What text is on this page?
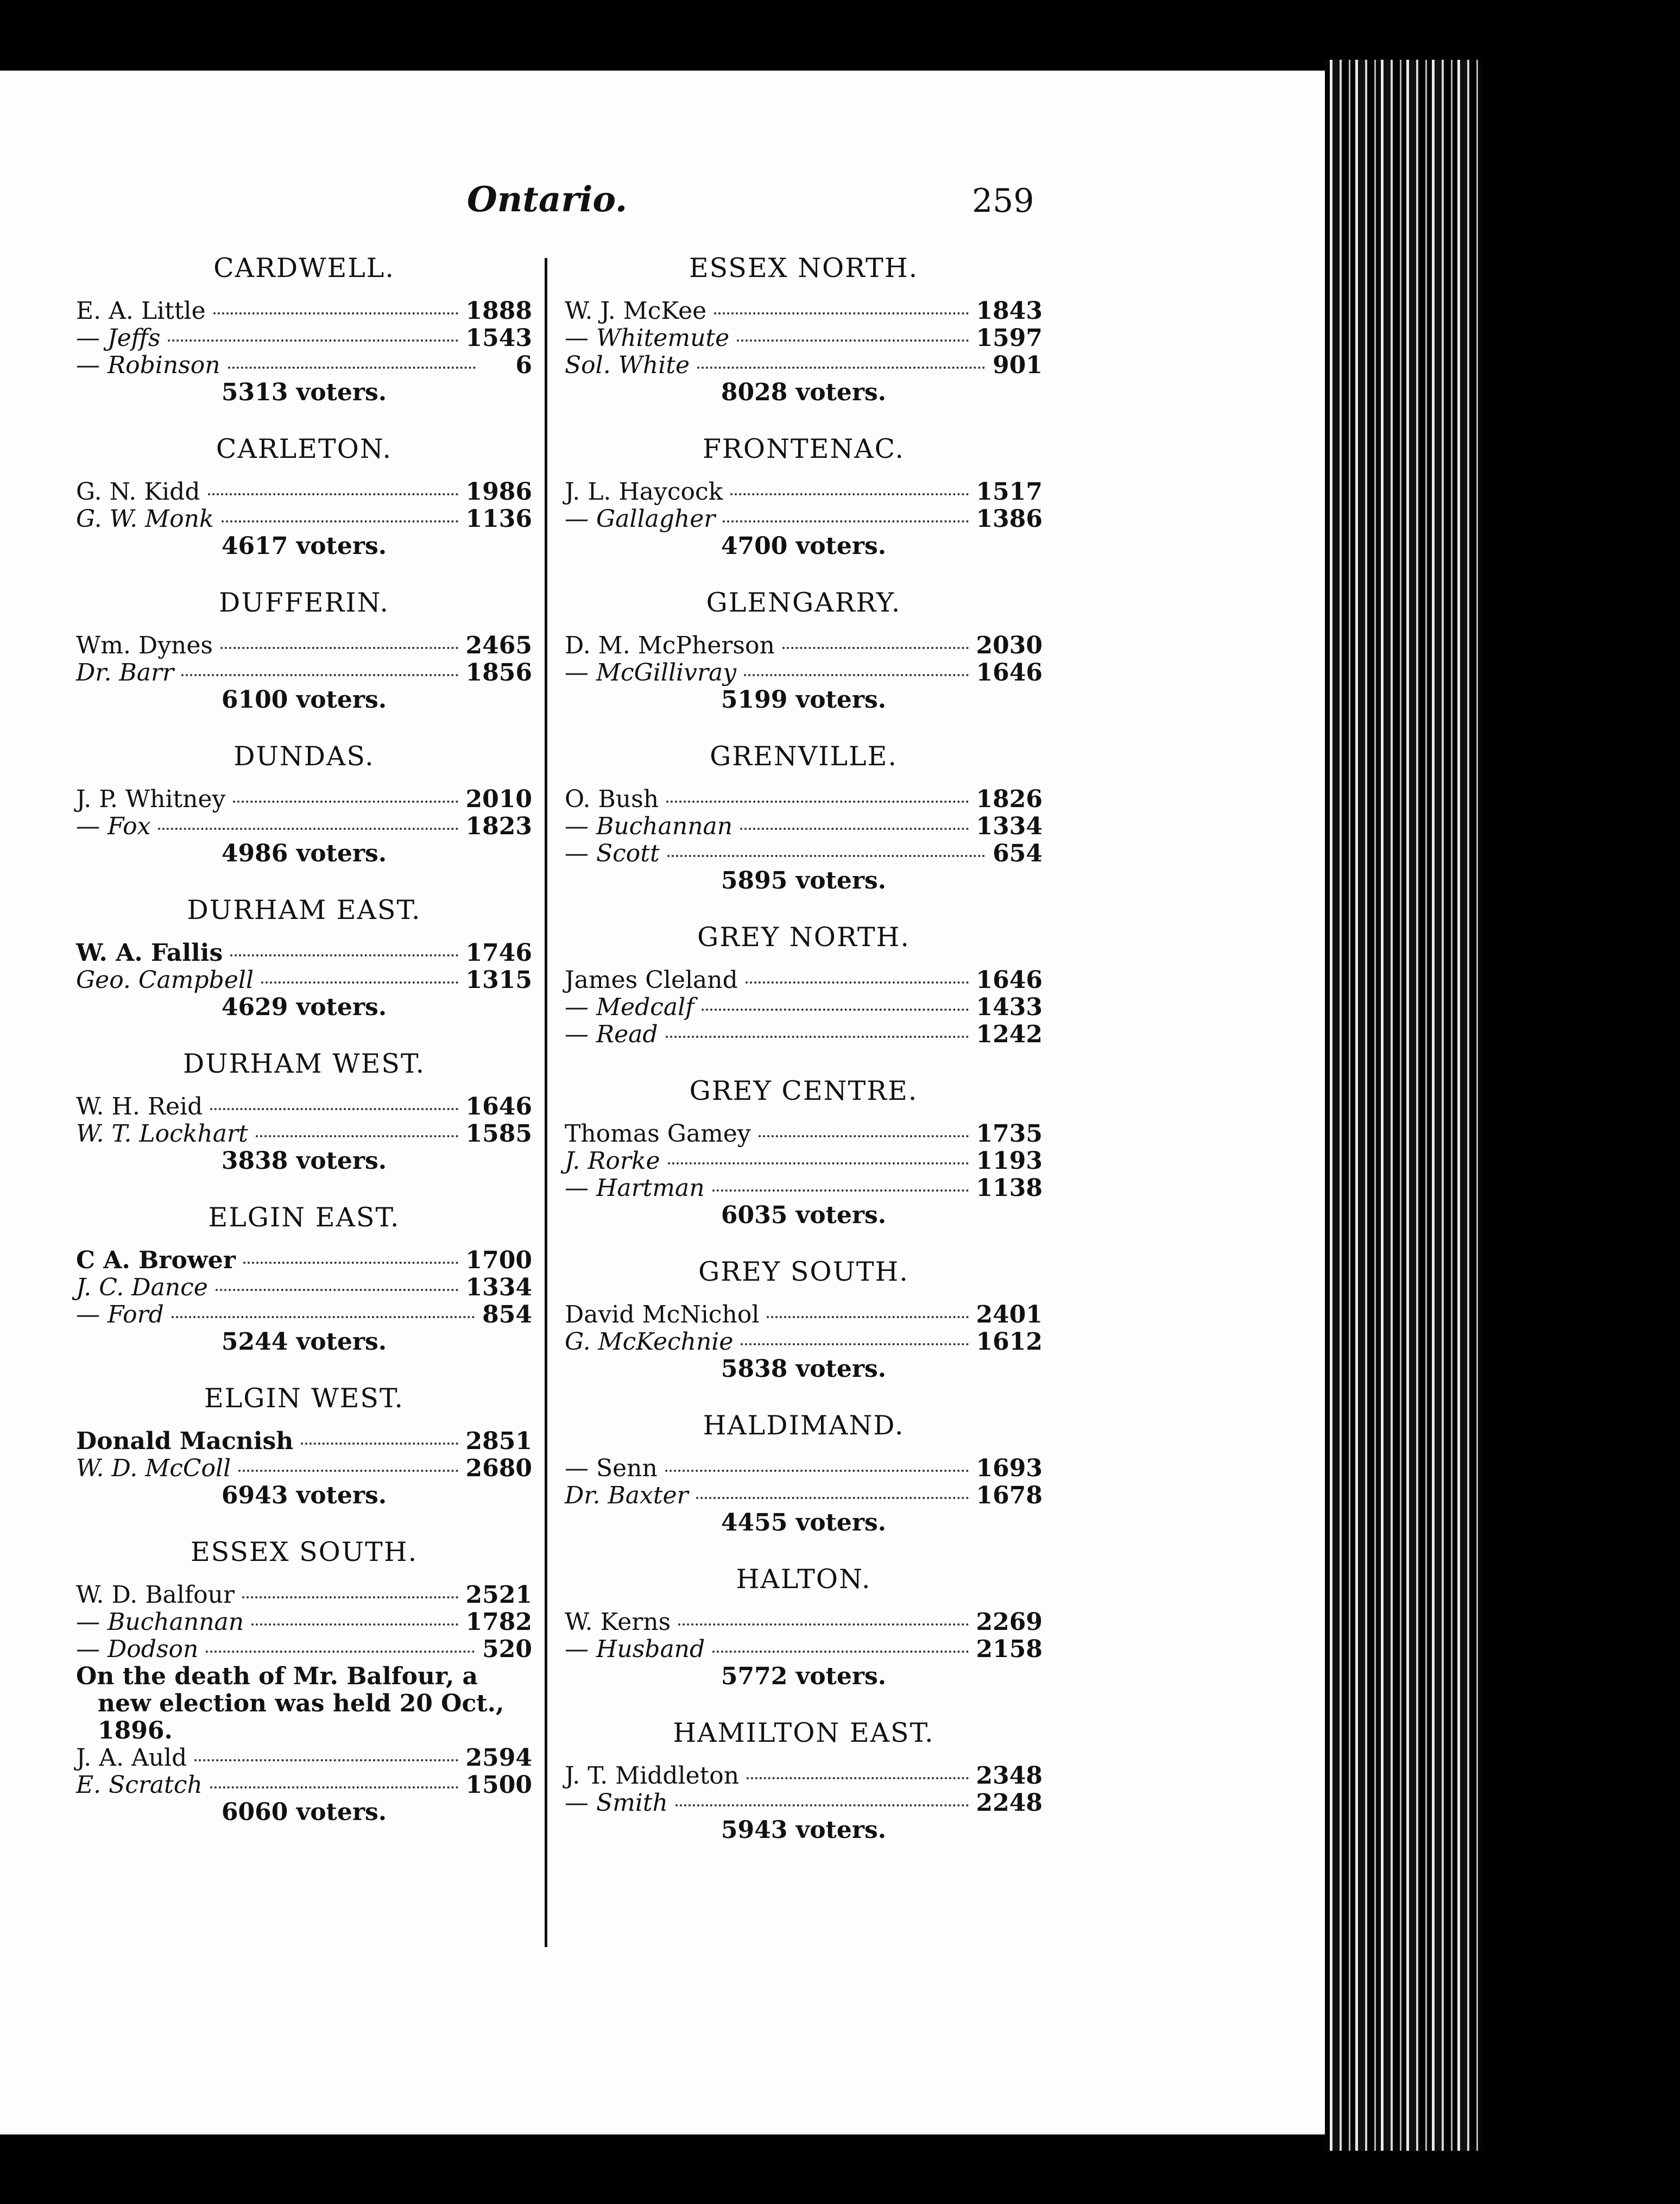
Ontario.	259
CARDWELL.
E. A. Little	1888
— Jeffs	1543
— Robinson	6
5313 voters.
CARLETON.
G. N. Kidd	1986
G. W. Monk	1136
4617 voters.
DUFFERIN.
Wm. Dynes	2465
Dr. Barr	1856
6100 voters.
DUNDAS.
J. P. Whitney	2010
— Fox	1823
4986 voters.
DURHAM EAST.
W. A. Fallis	1746
Geo. Campbell	1315
4629 voters.
DURHAM WEST.
W. H. Reid	1646
W. T. Lockhart	1585
3838 voters.
ELGIN EAST.
C A. Brower	1700
J. C. Dance	1334
— Ford	854
5244 voters.
ELGIN WEST.
Donald Macnish	2851
W. D. McColl	2680
6943 voters.
ESSEX SOUTH.
W. D. Balfour	2521
— Buchannan	1782
— Dodson	520
On the death of Mr. Balfour, a new election was held 20 Oct., 1896.
J. A. Auld	2594
E. Scratch	1500
6060 voters.
ESSEX NORTH.
W. J. McKee	1843
— Whitemute	1597
Sol. White	901
8028 voters.
FRONTENAC.
J. L. Haycock	1517
— Gallagher	1386
4700 voters.
GLENGARRY.
D. M. McPherson	2030
— McGillivray	1646
5199 voters.
GRENVILLE.
O. Bush	1826
— Buchannan	1334
— Scott	654
5895 voters.
GREY NORTH.
James Cleland	1646
— Medcalf	1433
— Read	1242
GREY CENTRE.
Thomas Gamey	1735
J. Rorke	1193
— Hartman	1138
6035 voters.
GREY SOUTH.
David McNichol	2401
G. McKechnie	1612
5838 voters.
HALDIMAND.
— Senn	1693
Dr. Baxter	1678
4455 voters.
HALTON.
W. Kerns	2269
— Husband	2158
5772 voters.
HAMILTON EAST.
J. T. Middleton	2348
— Smith	2248
5943 voters.
